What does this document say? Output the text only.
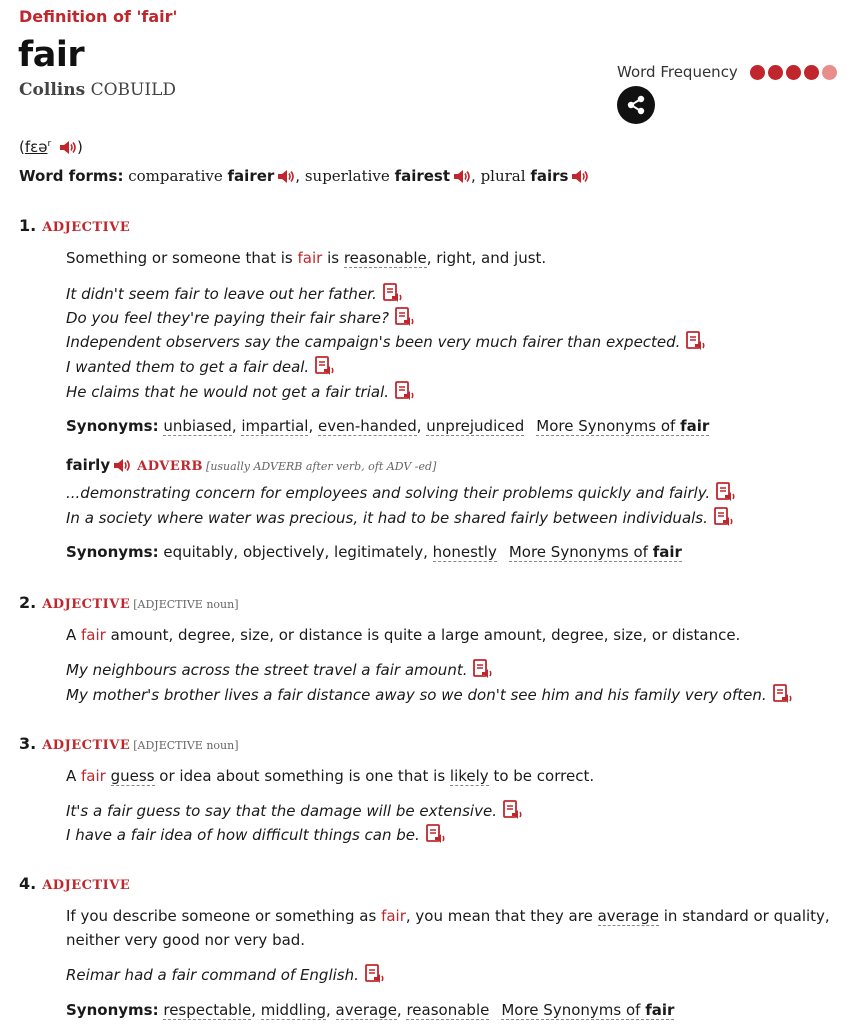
Definition of 'fair'
fair
Collins COBUILD
Word Frequency
(fɛə$^r$ )
Word forms: comparative fairer , superlative fairest , plural fairs
1. ADJECTIVE
Something or someone that is fair is reasonable, right, and just.
It didn't seem fair to leave out her father.
Do you feel they're paying their fair share?
Independent observers say the campaign's been very much fairer than expected.
I wanted them to get a fair deal.
He claims that he would not get a fair trial.
Synonyms: unbiased, impartial, even-handed, unprejudiced More Synonyms of fair
fairly ADVERB [usually ADVERB after verb, oft ADV -ed]
...demonstrating concern for employees and solving their problems quickly and fairly.
In a society where water was precious, it had to be shared fairly between individuals.
Synonyms: equitably, objectively, legitimately, honestly More Synonyms of fair
2. ADJECTIVE [ADJECTIVE noun]
A fair amount, degree, size, or distance is quite a large amount, degree, size, or distance.
My neighbours across the street travel a fair amount.
My mother's brother lives a fair distance away so we don't see him and his family very often.
3. ADJECTIVE [ADJECTIVE noun]
A fair guess or idea about something is one that is likely to be correct.
It's a fair guess to say that the damage will be extensive.
I have a fair idea of how difficult things can be.
4. ADJECTIVE
If you describe someone or something as fair, you mean that they are average in standard or quality,
neither very good nor very bad.
Reimar had a fair command of English.
Synonyms: respectable, middling, average, reasonable More Synonyms of fair
